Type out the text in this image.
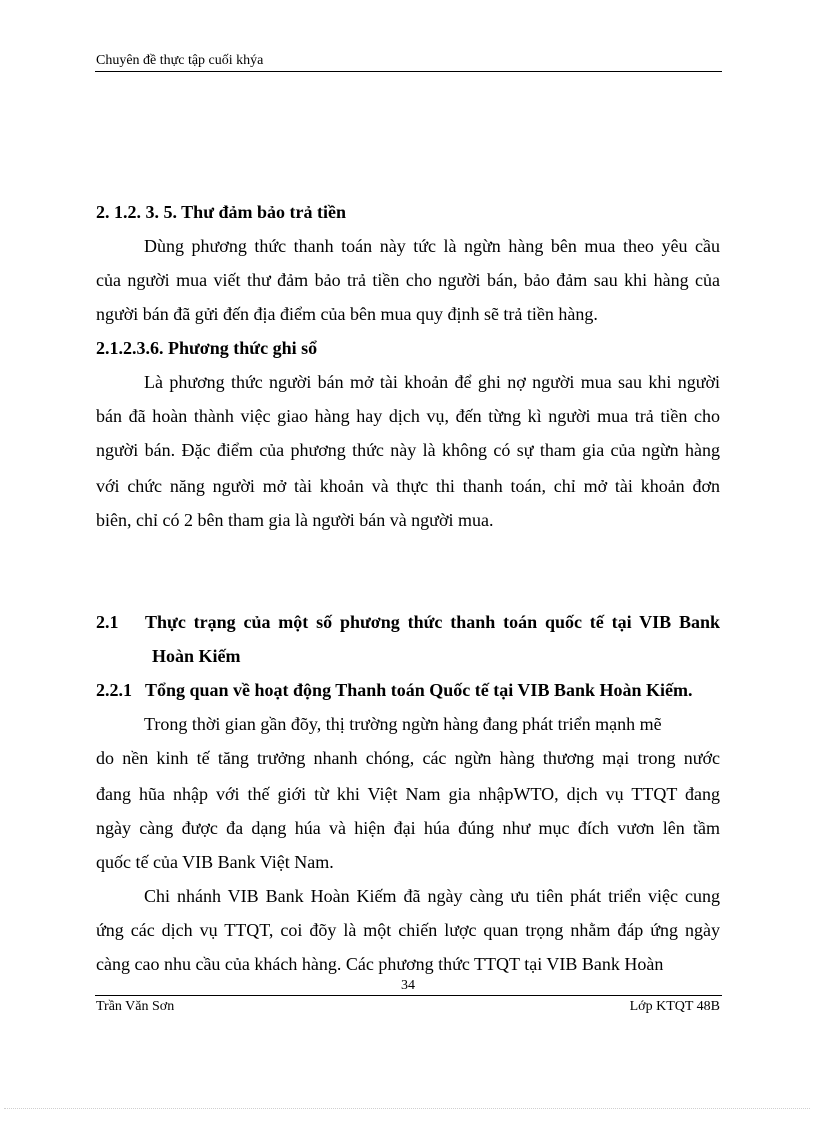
Chuyên đề thực tập cuối khýa
2. 1.2. 3. 5. Thư đảm bảo trả tiền
Dùng phương thức thanh toán này tức là ngừn hàng bên mua theo yêu cầu
của người mua viết thư đảm bảo trả tiền cho người bán, bảo đảm sau khi hàng của
người bán đã gửi đến địa điểm của bên mua quy định sẽ trả tiền hàng.
2.1.2.3.6. Phương thức ghi sổ
Là phương thức người bán mở tài khoản để ghi nợ người mua sau khi người
bán đã hoàn thành việc giao hàng hay dịch vụ, đến từng kì người mua trả tiền cho
người bán. Đặc điểm của phương thức này là không có sự tham gia của ngừn hàng
với chức năng người mở tài khoản và thực thi thanh toán, chỉ mở tài khoản đơn
biên, chỉ có 2 bên tham gia là người bán và người mua.
2.1 Thực trạng của một số phương thức thanh toán quốc tế tại VIB Bank
Hoàn Kiếm
2.2.1 Tổng quan về hoạt động Thanh toán Quốc tế tại VIB Bank Hoàn Kiếm.
Trong thời gian gần đõy, thị trường ngừn hàng đang phát triển mạnh mẽ
do nền kinh tế tăng trưởng nhanh chóng, các ngừn hàng thương mại trong nước
đang hũa nhập với thế giới từ khi Việt Nam gia nhậpWTO, dịch vụ TTQT đang
ngày càng được đa dạng húa và hiện đại húa đúng như mục đích vươn lên tầm
quốc tế của VIB Bank Việt Nam.
Chi nhánh VIB Bank Hoàn Kiếm đã ngày càng ưu tiên phát triển việc cung
ứng các dịch vụ TTQT, coi đõy là một chiến lược quan trọng nhằm đáp ứng ngày
càng cao nhu cầu của khách hàng. Các phương thức TTQT tại VIB Bank Hoàn
34
Trần Văn Sơn	Lớp KTQT 48B
